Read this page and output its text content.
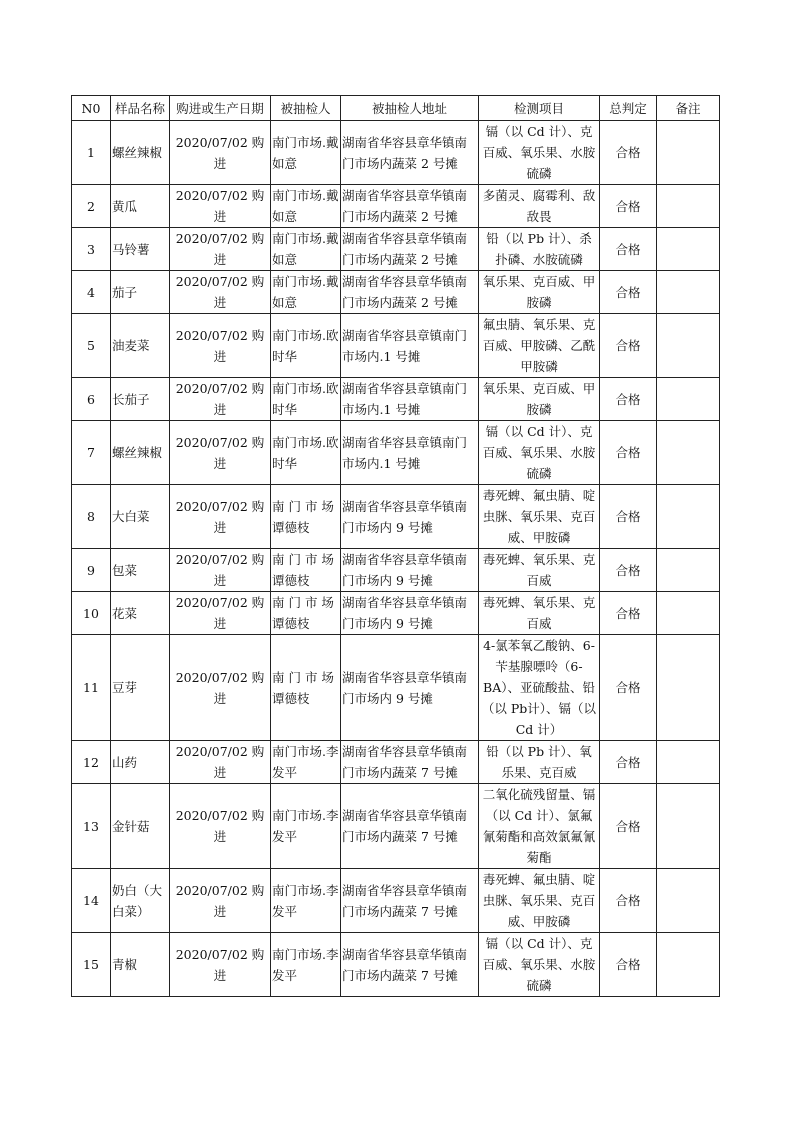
N0	样品名称	购进或生产日期	被抽检人	被抽检人地址	检测项目	总判定	备注
1	螺丝辣椒	2020/07/02 购进	南门市场.戴如意	湖南省华容县章华镇南门市场内蔬菜 2 号摊	镉（以 Cd 计）、克百威、氧乐果、水胺硫磷	合格	
2	黄瓜	2020/07/02 购进	南门市场.戴如意	湖南省华容县章华镇南门市场内蔬菜 2 号摊	多菌灵、腐霉利、敌敌畏	合格	
3	马铃薯	2020/07/02 购进	南门市场.戴如意	湖南省华容县章华镇南门市场内蔬菜 2 号摊	铅（以 Pb 计）、杀扑磷、水胺硫磷	合格	
4	茄子	2020/07/02 购进	南门市场.戴如意	湖南省华容县章华镇南门市场内蔬菜 2 号摊	氧乐果、克百威、甲胺磷	合格	
5	油麦菜	2020/07/02 购进	南门市场.欧时华	湖南省华容县章镇南门市场内.1 号摊	氟虫腈、氧乐果、克百威、甲胺磷、乙酰甲胺磷	合格	
6	长茄子	2020/07/02 购进	南门市场.欧时华	湖南省华容县章镇南门市场内.1 号摊	氧乐果、克百威、甲胺磷	合格	
7	螺丝辣椒	2020/07/02 购进	南门市场.欧时华	湖南省华容县章镇南门市场内.1 号摊	镉（以 Cd 计）、克百威、氧乐果、水胺硫磷	合格	
8	大白菜	2020/07/02 购进	南 门 市 场谭德枝	湖南省华容县章华镇南门市场内 9 号摊	毒死蜱、氟虫腈、啶虫脒、氧乐果、克百威、甲胺磷	合格	
9	包菜	2020/07/02 购进	南 门 市 场谭德枝	湖南省华容县章华镇南门市场内 9 号摊	毒死蜱、氧乐果、克百威	合格	
10	花菜	2020/07/02 购进	南 门 市 场谭德枝	湖南省华容县章华镇南门市场内 9 号摊	毒死蜱、氧乐果、克百威	合格	
11	豆芽	2020/07/02 购进	南 门 市 场谭德枝	湖南省华容县章华镇南门市场内 9 号摊	4-氯苯氧乙酸钠、6-苄基腺嘌呤（6-BA）、亚硫酸盐、铅（以 Pb计）、镉（以 Cd 计）	合格	
12	山药	2020/07/02 购进	南门市场.李发平	湖南省华容县章华镇南门市场内蔬菜 7 号摊	铅（以 Pb 计）、氧乐果、克百威	合格	
13	金针菇	2020/07/02 购进	南门市场.李发平	湖南省华容县章华镇南门市场内蔬菜 7 号摊	二氧化硫残留量、镉（以 Cd 计）、氯氟氰菊酯和高效氯氟氰菊酯	合格	
14	奶白（大白菜）	2020/07/02 购进	南门市场.李发平	湖南省华容县章华镇南门市场内蔬菜 7 号摊	毒死蜱、氟虫腈、啶虫脒、氧乐果、克百威、甲胺磷	合格	
15	青椒	2020/07/02 购进	南门市场.李发平	湖南省华容县章华镇南门市场内蔬菜 7 号摊	镉（以 Cd 计）、克百威、氧乐果、水胺硫磷	合格	
